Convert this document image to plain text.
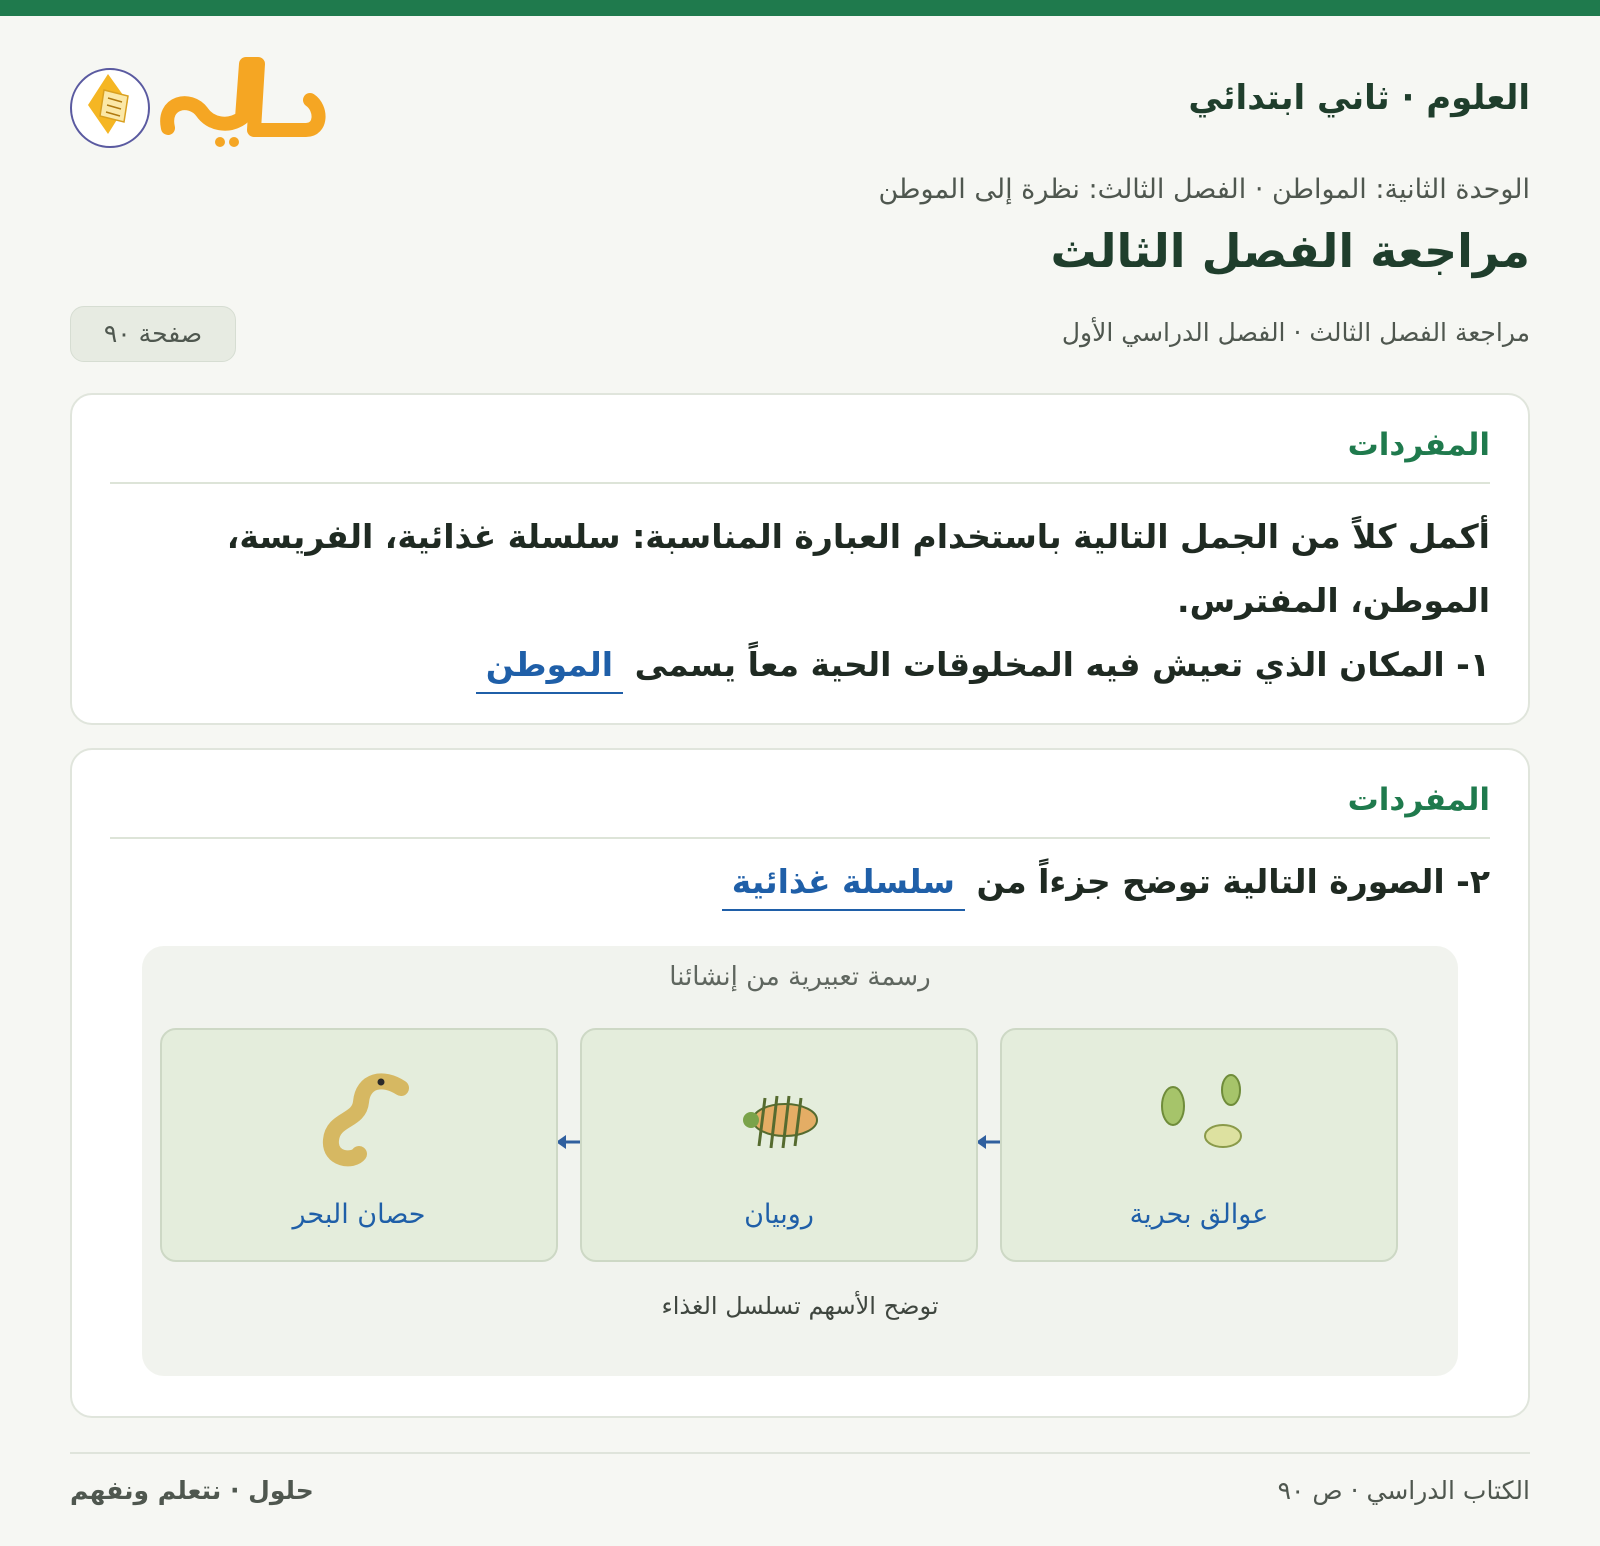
العلوم · ثاني ابتدائي
الوحدة الثانية: المواطن · الفصل الثالث: نظرة إلى الموطن
مراجعة الفصل الثالث
مراجعة الفصل الثالث · الفصل الدراسي الأول
صفحة ٩٠
المفردات
أكمل كلاً من الجمل التالية باستخدام العبارة المناسبة: سلسلة غذائية، الفريسة، الموطن، المفترس.
١- المكان الذي تعيش فيه المخلوقات الحية معاً يسمى الموطن
المفردات
٢- الصورة التالية توضح جزءاً من سلسلة غذائية
رسمة تعبيرية من إنشائنا
عوالق بحرية
روبيان
حصان البحر
توضح الأسهم تسلسل الغذاء
الكتاب الدراسي · ص ٩٠
حلول · نتعلم ونفهم
